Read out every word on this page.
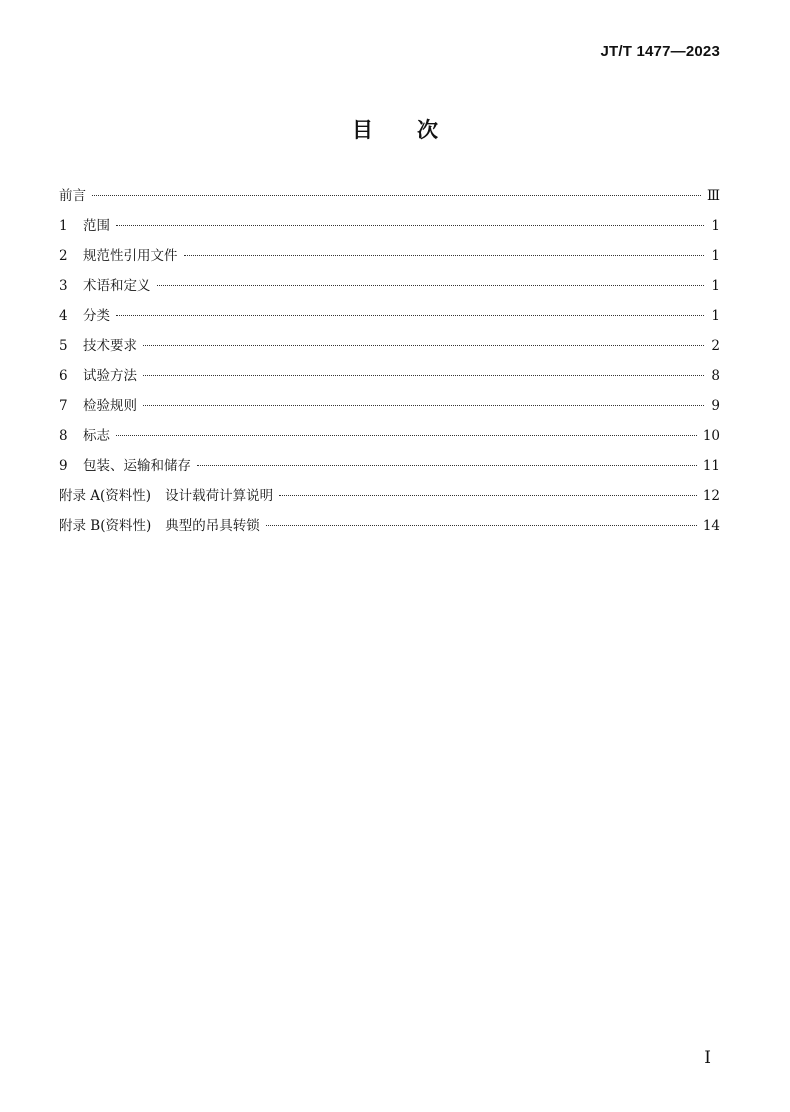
JT/T 1477—2023
目次
前言	Ⅲ
1	范围	1
2	规范性引用文件	1
3	术语和定义	1
4	分类	1
5	技术要求	2
6	试验方法	8
7	检验规则	9
8	标志	10
9	包装、运输和储存	11
附录 A(资料性) 设计载荷计算说明	12
附录 B(资料性) 典型的吊具转锁	14
I
